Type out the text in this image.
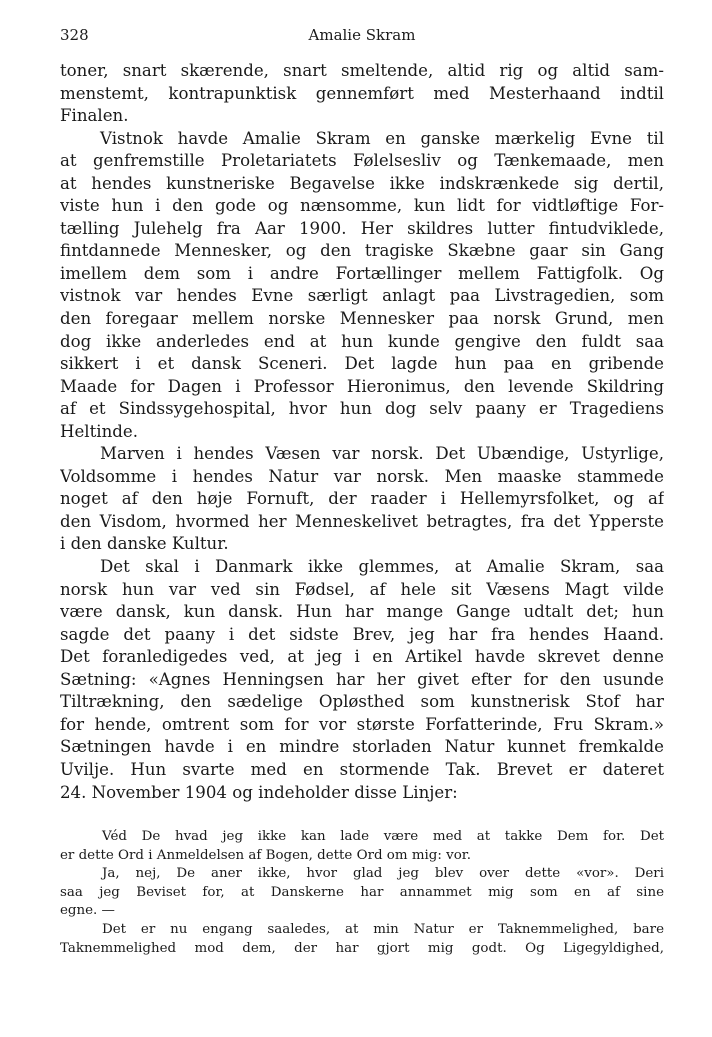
328	Amalie Skram
toner, snart skærende, snart smeltende, altid rig og altid sam-
menstemt, kontrapunktisk gennemført med Mesterhaand indtil
Finalen.
Vistnok havde Amalie Skram en ganske mærkelig Evne til
at genfremstille Proletariatets Følelsesliv og Tænkemaade, men
at hendes kunstneriske Begavelse ikke indskrænkede sig dertil,
viste hun i den gode og nænsomme, kun lidt for vidtløftige For-
tælling Julehelg fra Aar 1900. Her skildres lutter fintudviklede,
fintdannede Mennesker, og den tragiske Skæbne gaar sin Gang
imellem dem som i andre Fortællinger mellem Fattigfolk. Og
vistnok var hendes Evne særligt anlagt paa Livstragedien, som
den foregaar mellem norske Mennesker paa norsk Grund, men
dog ikke anderledes end at hun kunde gengive den fuldt saa
sikkert i et dansk Sceneri. Det lagde hun paa en gribende
Maade for Dagen i Professor Hieronimus, den levende Skildring
af et Sindssygehospital, hvor hun dog selv paany er Tragediens
Heltinde.
Marven i hendes Væsen var norsk. Det Ubændige, Ustyrlige,
Voldsomme i hendes Natur var norsk. Men maaske stammede
noget af den høje Fornuft, der raader i Hellemyrsfolket, og af
den Visdom, hvormed her Menneskelivet betragtes, fra det Ypperste
i den danske Kultur.
Det skal i Danmark ikke glemmes, at Amalie Skram, saa
norsk hun var ved sin Fødsel, af hele sit Væsens Magt vilde
være dansk, kun dansk. Hun har mange Gange udtalt det; hun
sagde det paany i det sidste Brev, jeg har fra hendes Haand.
Det foranledigedes ved, at jeg i en Artikel havde skrevet denne
Sætning: «Agnes Henningsen har her givet efter for den usunde
Tiltrækning, den sædelige Opløsthed som kunstnerisk Stof har
for hende, omtrent som for vor største Forfatterinde, Fru Skram.»
Sætningen havde i en mindre storladen Natur kunnet fremkalde
Uvilje. Hun svarte med en stormende Tak. Brevet er dateret
24. November 1904 og indeholder disse Linjer:
Véd De hvad jeg ikke kan lade være med at takke Dem for. Det
er dette Ord i Anmeldelsen af Bogen, dette Ord om mig: vor.
Ja, nej, De aner ikke, hvor glad jeg blev over dette «vor». Deri
saa jeg Beviset for, at Danskerne har annammet mig som en af sine
egne. —
Det er nu engang saaledes, at min Natur er Taknemmelighed, bare
Taknemmelighed mod dem, der har gjort mig godt. Og Ligegyldighed,
